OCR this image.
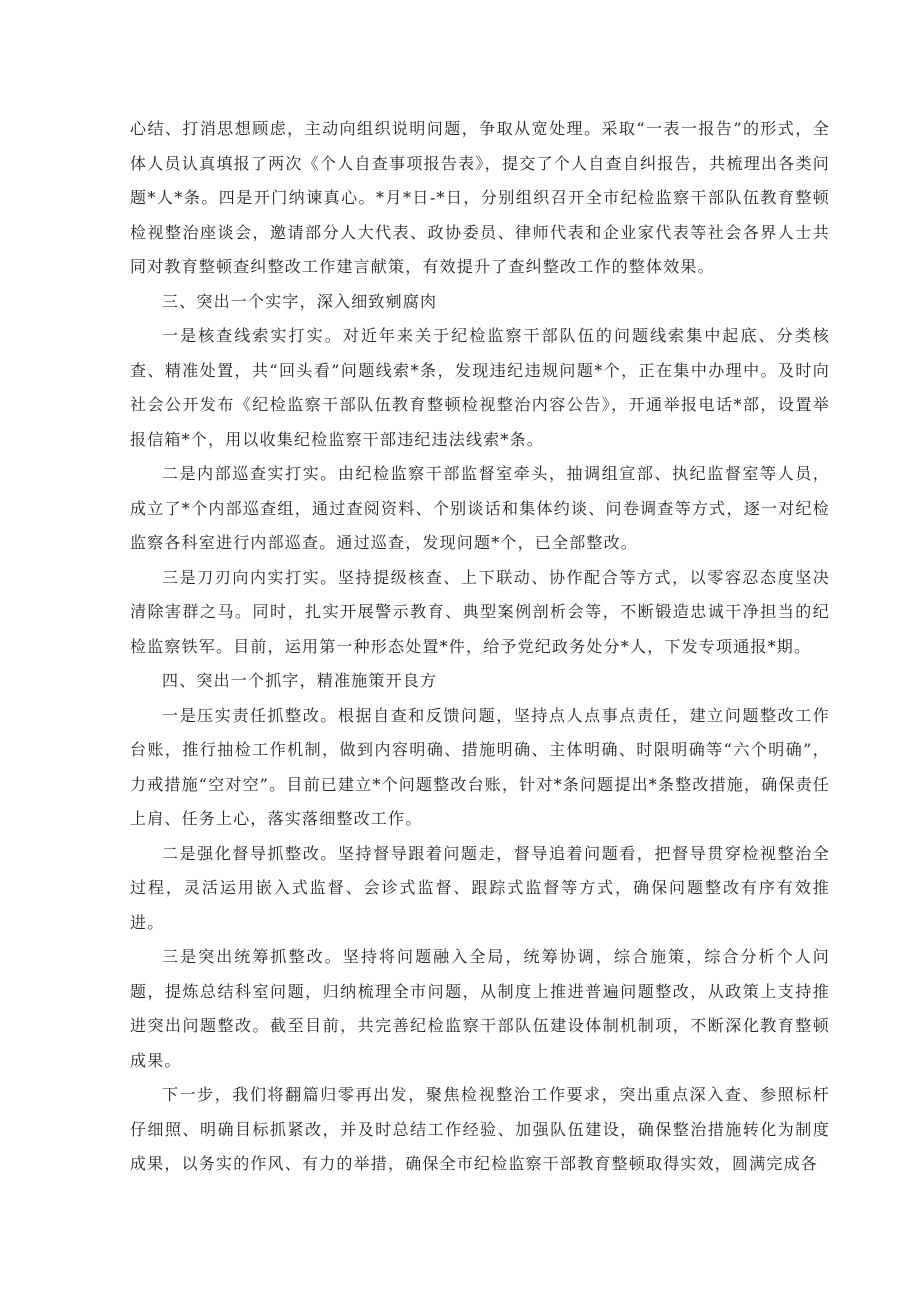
心结、打消思想顾虑，主动向组织说明问题，争取从宽处理。采取“一表一报告”的形式，全体人员认真填报了两次《个人自查事项报告表》，提交了个人自查自纠报告，共梳理出各类问题*人*条。四是开门纳谏真心。*月*日-*日，分别组织召开全市纪检监察干部队伍教育整顿检视整治座谈会，邀请部分人大代表、政协委员、律师代表和企业家代表等社会各界人士共同对教育整顿查纠整改工作建言献策，有效提升了查纠整改工作的整体效果。

三、突出一个实字，深入细致剜腐肉

一是核查线索实打实。对近年来关于纪检监察干部队伍的问题线索集中起底、分类核查、精准处置，共“回头看”问题线索*条，发现违纪违规问题*个，正在集中办理中。及时向社会公开发布《纪检监察干部队伍教育整顿检视整治内容公告》，开通举报电话*部，设置举报信箱*个，用以收集纪检监察干部违纪违法线索*条。

二是内部巡查实打实。由纪检监察干部监督室牵头，抽调组宣部、执纪监督室等人员，成立了*个内部巡查组，通过查阅资料、个别谈话和集体约谈、问卷调查等方式，逐一对纪检监察各科室进行内部巡查。通过巡查，发现问题*个，已全部整改。

三是刀刃向内实打实。坚持提级核查、上下联动、协作配合等方式，以零容忍态度坚决清除害群之马。同时，扎实开展警示教育、典型案例剖析会等，不断锻造忠诚干净担当的纪检监察铁军。目前，运用第一种形态处置*件，给予党纪政务处分*人，下发专项通报*期。

四、突出一个抓字，精准施策开良方

一是压实责任抓整改。根据自查和反馈问题，坚持点人点事点责任，建立问题整改工作台账，推行抽检工作机制，做到内容明确、措施明确、主体明确、时限明确等“六个明确”，力戒措施“空对空”。目前已建立*个问题整改台账，针对*条问题提出*条整改措施，确保责任上肩、任务上心，落实落细整改工作。

二是强化督导抓整改。坚持督导跟着问题走，督导追着问题看，把督导贯穿检视整治全过程，灵活运用嵌入式监督、会诊式监督、跟踪式监督等方式，确保问题整改有序有效推进。

三是突出统筹抓整改。坚持将问题融入全局，统筹协调，综合施策，综合分析个人问题，提炼总结科室问题，归纳梳理全市问题，从制度上推进普遍问题整改，从政策上支持推进突出问题整改。截至目前，共完善纪检监察干部队伍建设体制机制项，不断深化教育整顿成果。

下一步，我们将翻篇归零再出发，聚焦检视整治工作要求，突出重点深入查、参照标杆仔细照、明确目标抓紧改，并及时总结工作经验、加强队伍建设，确保整治措施转化为制度成果，以务实的作风、有力的举措，确保全市纪检监察干部教育整顿取得实效，圆满完成各
